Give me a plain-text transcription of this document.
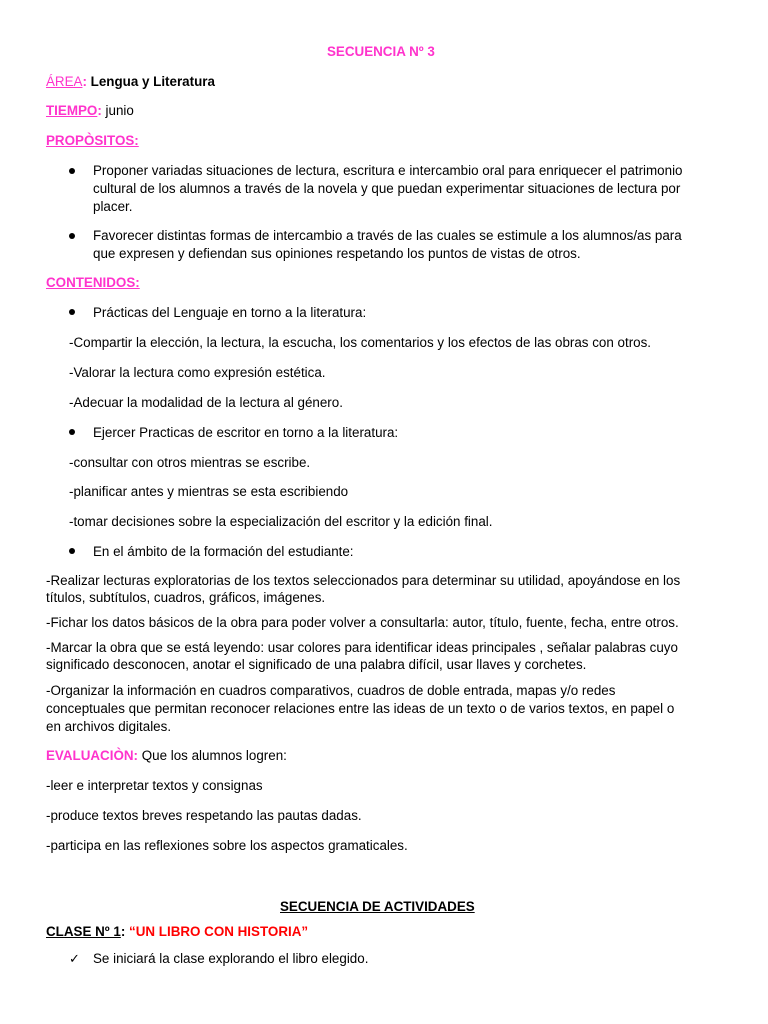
SECUENCIA Nº 3
ÁREA: Lengua y Literatura
TIEMPO: junio
PROPÒSITOS:
Proponer variadas situaciones de lectura, escritura e intercambio oral para enriquecer el patrimonio
cultural de los alumnos a través de la novela y que puedan experimentar situaciones de lectura por
placer.
Favorecer distintas formas de intercambio a través de las cuales se estimule a los alumnos/as para
que expresen y defiendan sus opiniones respetando los puntos de vistas de otros.
CONTENIDOS:
Prácticas del Lenguaje en torno a la literatura:
-Compartir la elección, la lectura, la escucha, los comentarios y los efectos de las obras con otros.
-Valorar la lectura como expresión estética.
-Adecuar la modalidad de la lectura al género.
Ejercer Practicas de escritor en torno a la literatura:
-consultar con otros mientras se escribe.
-planificar antes y mientras se esta escribiendo
-tomar decisiones sobre la especialización del escritor y la edición final.
En el ámbito de la formación del estudiante:
-Realizar lecturas exploratorias de los textos seleccionados para determinar su utilidad, apoyándose en los
títulos, subtítulos, cuadros, gráficos, imágenes.
-Fichar los datos básicos de la obra para poder volver a consultarla: autor, título, fuente, fecha, entre otros.
-Marcar la obra que se está leyendo: usar colores para identificar ideas principales , señalar palabras cuyo
significado desconocen, anotar el significado de una palabra difícil, usar llaves y corchetes.
-Organizar la información en cuadros comparativos, cuadros de doble entrada, mapas y/o redes
conceptuales que permitan reconocer relaciones entre las ideas de un texto o de varios textos, en papel o
en archivos digitales.
EVALUACIÒN: Que los alumnos logren:
-leer e interpretar textos y consignas
-produce textos breves respetando las pautas dadas.
-participa en las reflexiones sobre los aspectos gramaticales.
SECUENCIA DE ACTIVIDADES
CLASE Nº 1: “UN LIBRO CON HISTORIA”
✓ Se iniciará la clase explorando el libro elegido.
